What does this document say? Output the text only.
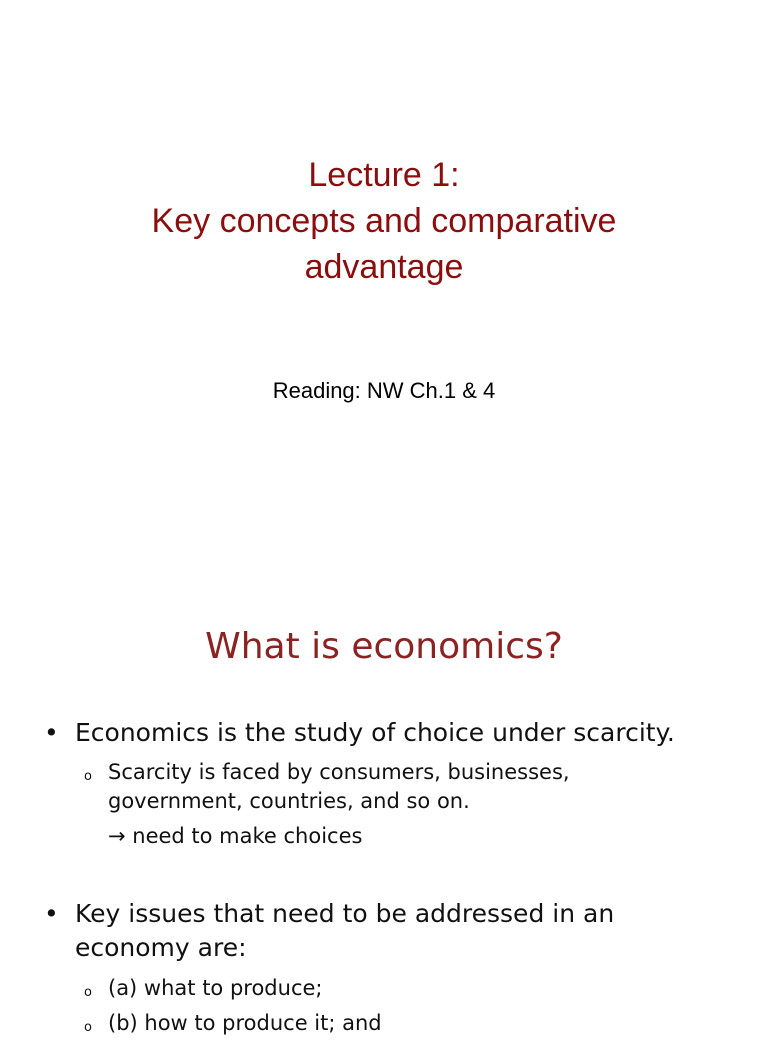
Lecture 1:
Key concepts and comparative
advantage
Reading: NW Ch.1 & 4
What is economics?
• Economics is the study of choice under scarcity.
o Scarcity is faced by consumers, businesses,
government, countries, and so on.
→ need to make choices
• Key issues that need to be addressed in an
economy are:
o (a) what to produce;
o (b) how to produce it; and
